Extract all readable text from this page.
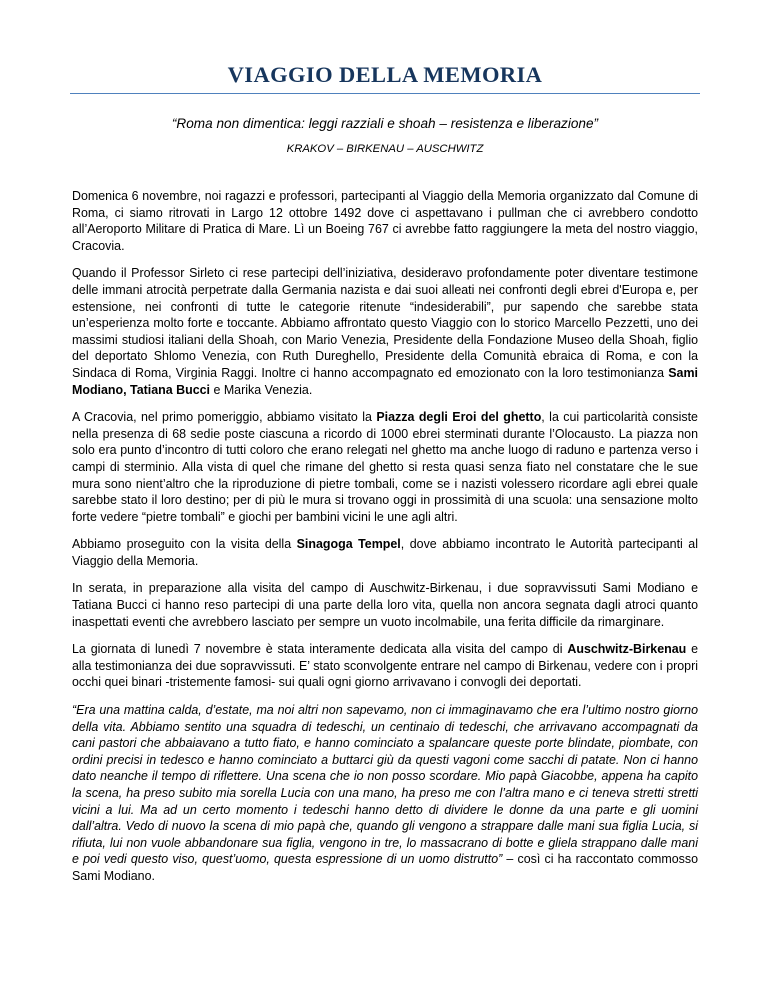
VIAGGIO DELLA MEMORIA

“Roma non dimentica: leggi razziali e shoah – resistenza e liberazione”

KRAKOV – BIRKENAU – AUSCHWITZ

Domenica 6 novembre, noi ragazzi e professori, partecipanti al Viaggio della Memoria organizzato dal Comune di Roma, ci siamo ritrovati in Largo 12 ottobre 1492 dove ci aspettavano i pullman che ci avrebbero condotto all’Aeroporto Militare di Pratica di Mare. Lì un Boeing 767 ci avrebbe fatto raggiungere la meta del nostro viaggio, Cracovia.

Quando il Professor Sirleto ci rese partecipi dell’iniziativa, desideravo profondamente poter diventare testimone delle immani atrocità perpetrate dalla Germania nazista e dai suoi alleati nei confronti degli ebrei d'Europa e, per estensione, nei confronti di tutte le categorie ritenute “indesiderabili”, pur sapendo che sarebbe stata un’esperienza molto forte e toccante. Abbiamo affrontato questo Viaggio con lo storico Marcello Pezzetti, uno dei massimi studiosi italiani della Shoah, con Mario Venezia, Presidente della Fondazione Museo della Shoah, figlio del deportato Shlomo Venezia, con Ruth Dureghello, Presidente della Comunità ebraica di Roma, e con la Sindaca di Roma, Virginia Raggi. Inoltre ci hanno accompagnato ed emozionato con la loro testimonianza Sami Modiano, Tatiana Bucci e Marika Venezia.

A Cracovia, nel primo pomeriggio, abbiamo visitato la Piazza degli Eroi del ghetto, la cui particolarità consiste nella presenza di 68 sedie poste ciascuna a ricordo di 1000 ebrei sterminati durante l’Olocausto. La piazza non solo era punto d’incontro di tutti coloro che erano relegati nel ghetto ma anche luogo di raduno e partenza verso i campi di sterminio. Alla vista di quel che rimane del ghetto si resta quasi senza fiato nel constatare che le sue mura sono nient’altro che la riproduzione di pietre tombali, come se i nazisti volessero ricordare agli ebrei quale sarebbe stato il loro destino; per di più le mura si trovano oggi in prossimità di una scuola: una sensazione molto forte vedere “pietre tombali” e giochi per bambini vicini le une agli altri.

Abbiamo proseguito con la visita della Sinagoga Tempel, dove abbiamo incontrato le Autorità partecipanti al Viaggio della Memoria.

In serata, in preparazione alla visita del campo di Auschwitz-Birkenau, i due sopravvissuti Sami Modiano e Tatiana Bucci ci hanno reso partecipi di una parte della loro vita, quella non ancora segnata dagli atroci quanto inaspettati eventi che avrebbero lasciato per sempre un vuoto incolmabile, una ferita difficile da rimarginare.

La giornata di lunedì 7 novembre è stata interamente dedicata alla visita del campo di Auschwitz-Birkenau e alla testimonianza dei due sopravvissuti. E’ stato sconvolgente entrare nel campo di Birkenau, vedere con i propri occhi quei binari -tristemente famosi- sui quali ogni giorno arrivavano i convogli dei deportati.

“Era una mattina calda, d’estate, ma noi altri non sapevamo, non ci immaginavamo che era l’ultimo nostro giorno della vita. Abbiamo sentito una squadra di tedeschi, un centinaio di tedeschi, che arrivavano accompagnati da cani pastori che abbaiavano a tutto fiato, e hanno cominciato a spalancare queste porte blindate, piombate, con ordini precisi in tedesco e hanno cominciato a buttarci giù da questi vagoni come sacchi di patate. Non ci hanno dato neanche il tempo di riflettere. Una scena che io non posso scordare. Mio papà Giacobbe, appena ha capito la scena, ha preso subito mia sorella Lucia con una mano, ha preso me con l’altra mano e ci teneva stretti stretti vicini a lui. Ma ad un certo momento i tedeschi hanno detto di dividere le donne da una parte e gli uomini dall’altra. Vedo di nuovo la scena di mio papà che, quando gli vengono a strappare dalle mani sua figlia Lucia, si rifiuta, lui non vuole abbandonare sua figlia, vengono in tre, lo massacrano di botte e gliela strappano dalle mani e poi vedi questo viso, quest’uomo, questa espressione di un uomo distrutto” – così ci ha raccontato commosso Sami Modiano.
